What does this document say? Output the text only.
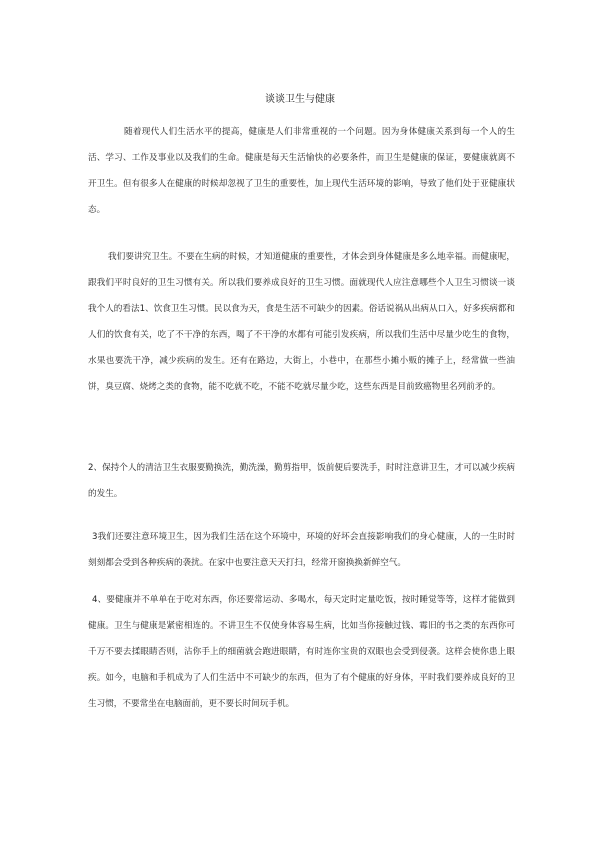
谈谈卫生与健康

随着现代人们生活水平的提高，健康是人们非常重视的一个问题。因为身体健康关系到每一个人的生活、学习、工作及事业以及我们的生命。健康是每天生活愉快的必要条件，而卫生是健康的保证，要健康就离不开卫生。但有很多人在健康的时候却忽视了卫生的重要性，加上现代生活环境的影响，导致了他们处于亚健康状态。

我们要讲究卫生。不要在生病的时候，才知道健康的重要性，才体会到身体健康是多么地幸福。而健康呢，跟我们平时良好的卫生习惯有关。所以我们要养成良好的卫生习惯。面就现代人应注意哪些个人卫生习惯谈一谈我个人的看法1、饮食卫生习惯。民以食为天，食是生活不可缺少的因素。俗话说祸从出病从口入，好多疾病都和人们的饮食有关，吃了不干净的东西，喝了不干净的水都有可能引发疾病，所以我们生活中尽量少吃生的食物，水果也要洗干净，减少疾病的发生。还有在路边，大街上，小巷中，在那些小摊小贩的摊子上，经常做一些油饼，臭豆腐、烧烤之类的食物，能不吃就不吃，不能不吃就尽量少吃，这些东西是目前致癌物里名列前矛的。

2、保持个人的清洁卫生衣服要勤换洗，勤洗澡，勤剪指甲，饭前便后要洗手，时时注意讲卫生，才可以减少疾病的发生。

3我们还要注意环境卫生，因为我们生活在这个环境中，环境的好坏会直接影响我们的身心健康，人的一生时时刻刻都会受到各种疾病的袭扰。在家中也要注意天天打扫，经常开窗换换新鲜空气。

4、要健康并不单单在于吃对东西，你还要常运动、多喝水，每天定时定量吃饭，按时睡觉等等，这样才能做到健康。卫生与健康是紧密相连的。不讲卫生不仅使身体容易生病，比如当你接触过钱、霉旧的书之类的东西你可千万不要去揉眼睛否则，沾你手上的细菌就会跑进眼睛，有时连你宝贵的双眼也会受到侵袭。这样会使你患上眼疾。如今，电脑和手机成为了人们生活中不可缺少的东西，但为了有个健康的好身体，平时我们要养成良好的卫生习惯，不要常坐在电脑面前，更不要长时间玩手机。
